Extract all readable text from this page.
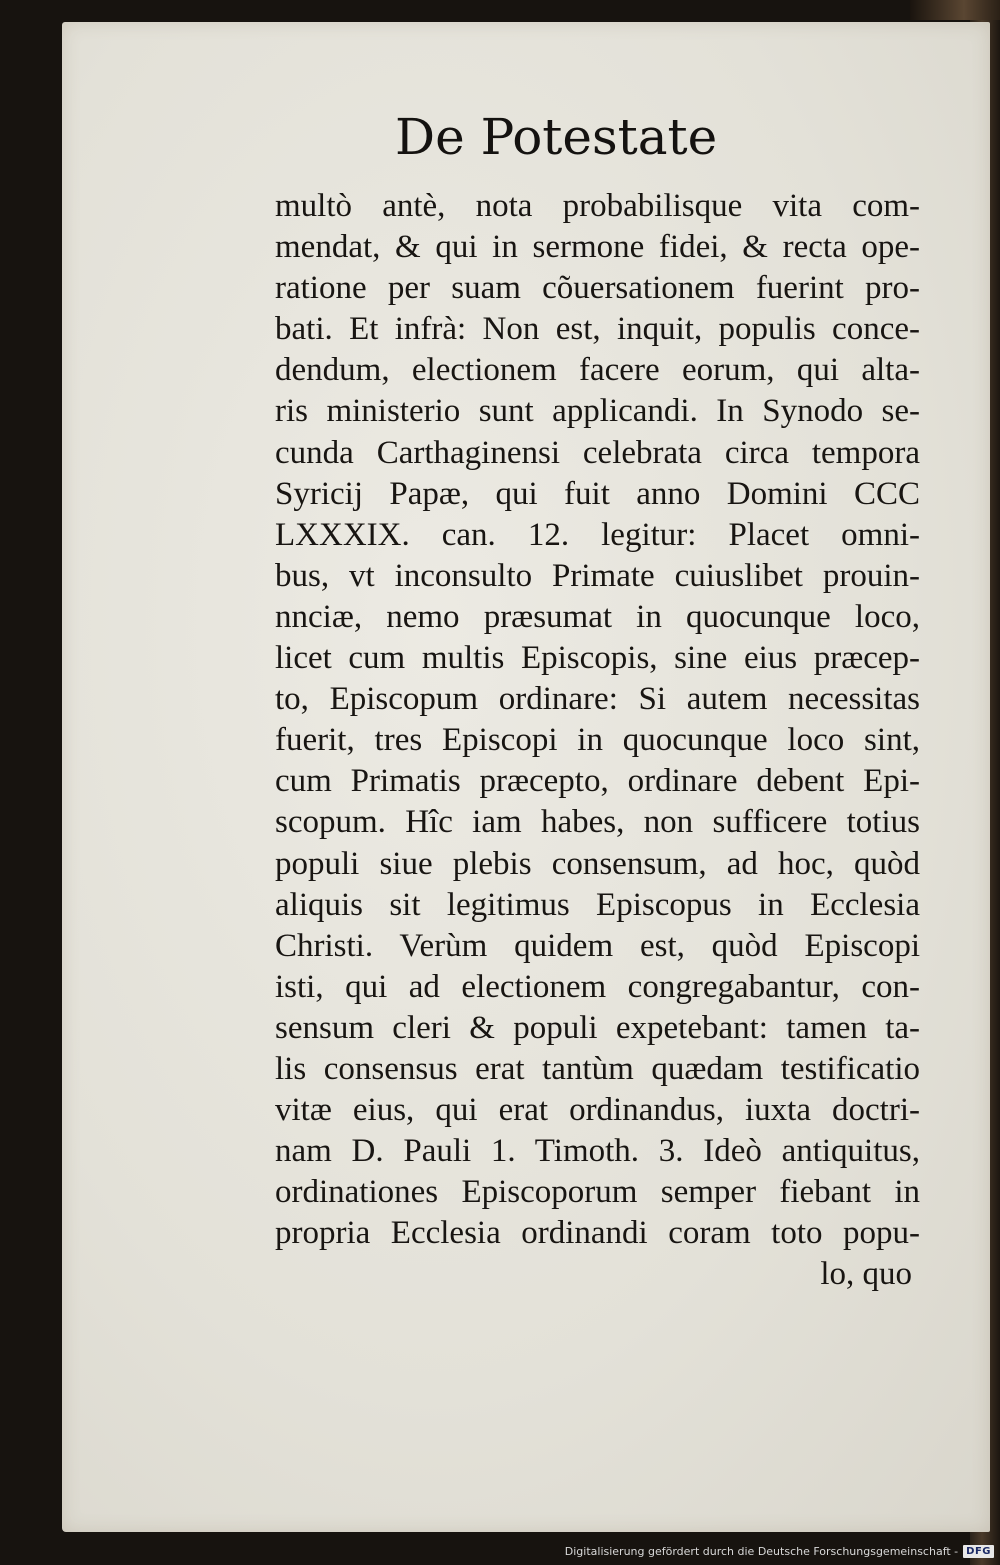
De Potestate
multò antè, nota probabilisque vita com-
mendat, & qui in sermone fidei, & recta ope-
ratione per suam cõuersationem fuerint pro-
bati. Et infrà: Non est, inquit, populis conce-
dendum, electionem facere eorum, qui alta-
ris ministerio sunt applicandi. In Synodo se-
cunda Carthaginensi celebrata circa tempora
Syricij Papæ, qui fuit anno Domini CCC
LXXXIX. can. 12. legitur: Placet omni-
bus, vt inconsulto Primate cuiuslibet prouin-
nnciæ, nemo præsumat in quocunque loco,
licet cum multis Episcopis, sine eius præcep-
to, Episcopum ordinare: Si autem necessitas
fuerit, tres Episcopi in quocunque loco sint,
cum Primatis præcepto, ordinare debent Epi-
scopum. Hîc iam habes, non sufficere totius
populi siue plebis consensum, ad hoc, quòd
aliquis sit legitimus Episcopus in Ecclesia
Christi. Verùm quidem est, quòd Episcopi
isti, qui ad electionem congregabantur, con-
sensum cleri & populi expetebant: tamen ta-
lis consensus erat tantùm quædam testificatio
vitæ eius, qui erat ordinandus, iuxta doctri-
nam D. Pauli 1. Timoth. 3. Ideò antiquitus,
ordinationes Episcoporum semper fiebant in
propria Ecclesia ordinandi coram toto popu-
lo, quo
Digitalisierung gefördert durch die Deutsche Forschungsgemeinschaft - DFG
